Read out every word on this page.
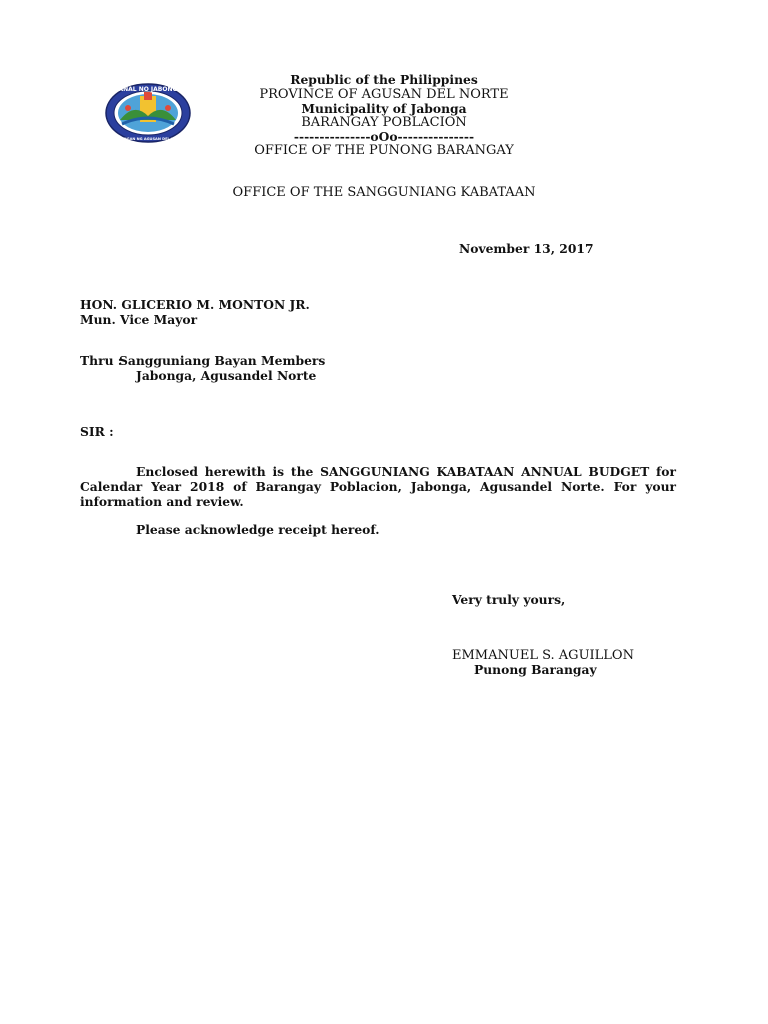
BANAL NO JABONGA
LALAWIGAN NG AGUSAN DEL NORTE
Republic of the Philippines
PROVINCE OF AGUSAN DEL NORTE
Municipality of Jabonga
BARANGAY POBLACION
---------------oOo---------------
OFFICE OF THE PUNONG BARANGAY
OFFICE OF THE SANGGUNIANG KABATAAN
November 13, 2017
HON. GLICERIO M. MONTON JR.
Mun. Vice Mayor
Thru :
Sangguniang Bayan Members
Jabonga, Agusandel Norte
SIR :
Enclosed herewith is the SANGGUNIANG KABATAAN ANNUAL BUDGET for Calendar Year 2018 of Barangay Poblacion, Jabonga, Agusandel Norte. For your information and review.
Please acknowledge receipt hereof.
Very truly yours,
EMMANUEL S. AGUILLON
Punong Barangay
